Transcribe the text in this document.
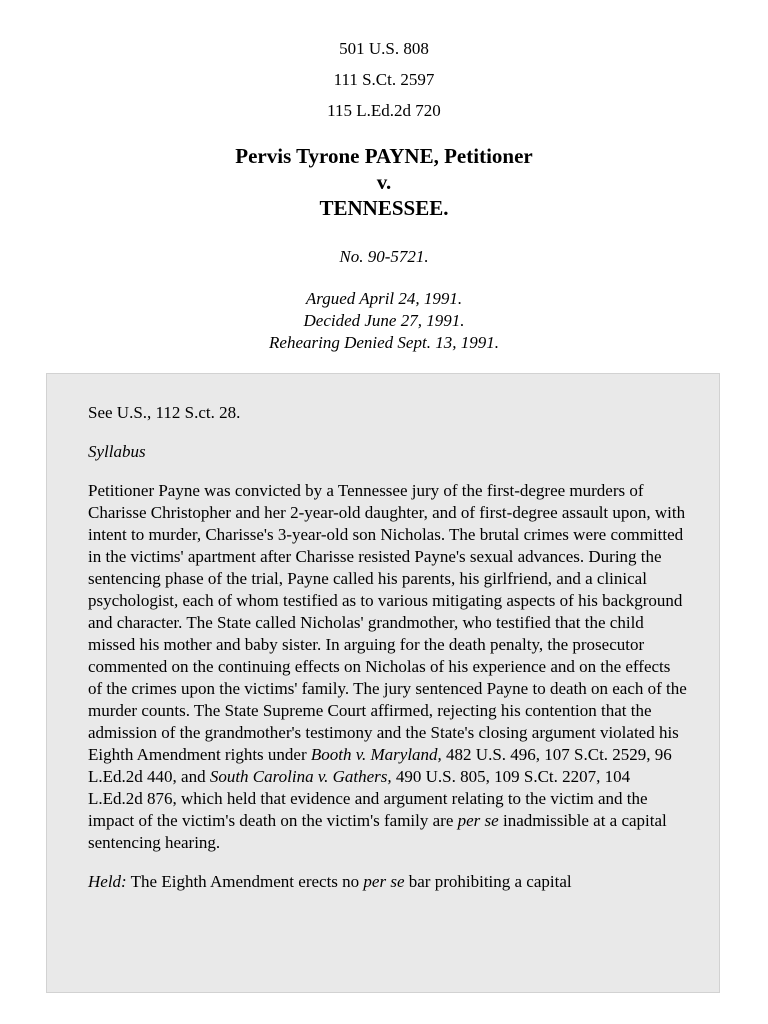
501 U.S. 808
111 S.Ct. 2597
115 L.Ed.2d 720
Pervis Tyrone PAYNE, Petitioner
v.
TENNESSEE.
No. 90-5721.
Argued April 24, 1991.
Decided June 27, 1991.
Rehearing Denied Sept. 13, 1991.

See U.S., 112 S.ct. 28.

Syllabus

Petitioner Payne was convicted by a Tennessee jury of the first-degree murders of Charisse Christopher and her 2-year-old daughter, and of first-degree assault upon, with intent to murder, Charisse's 3-year-old son Nicholas. The brutal crimes were committed in the victims' apartment after Charisse resisted Payne's sexual advances. During the sentencing phase of the trial, Payne called his parents, his girlfriend, and a clinical psychologist, each of whom testified as to various mitigating aspects of his background and character. The State called Nicholas' grandmother, who testified that the child missed his mother and baby sister. In arguing for the death penalty, the prosecutor commented on the continuing effects on Nicholas of his experience and on the effects of the crimes upon the victims' family. The jury sentenced Payne to death on each of the murder counts. The State Supreme Court affirmed, rejecting his contention that the admission of the grandmother's testimony and the State's closing argument violated his Eighth Amendment rights under Booth v. Maryland, 482 U.S. 496, 107 S.Ct. 2529, 96 L.Ed.2d 440, and South Carolina v. Gathers, 490 U.S. 805, 109 S.Ct. 2207, 104 L.Ed.2d 876, which held that evidence and argument relating to the victim and the impact of the victim's death on the victim's family are per se inadmissible at a capital sentencing hearing.

Held: The Eighth Amendment erects no per se bar prohibiting a capital
